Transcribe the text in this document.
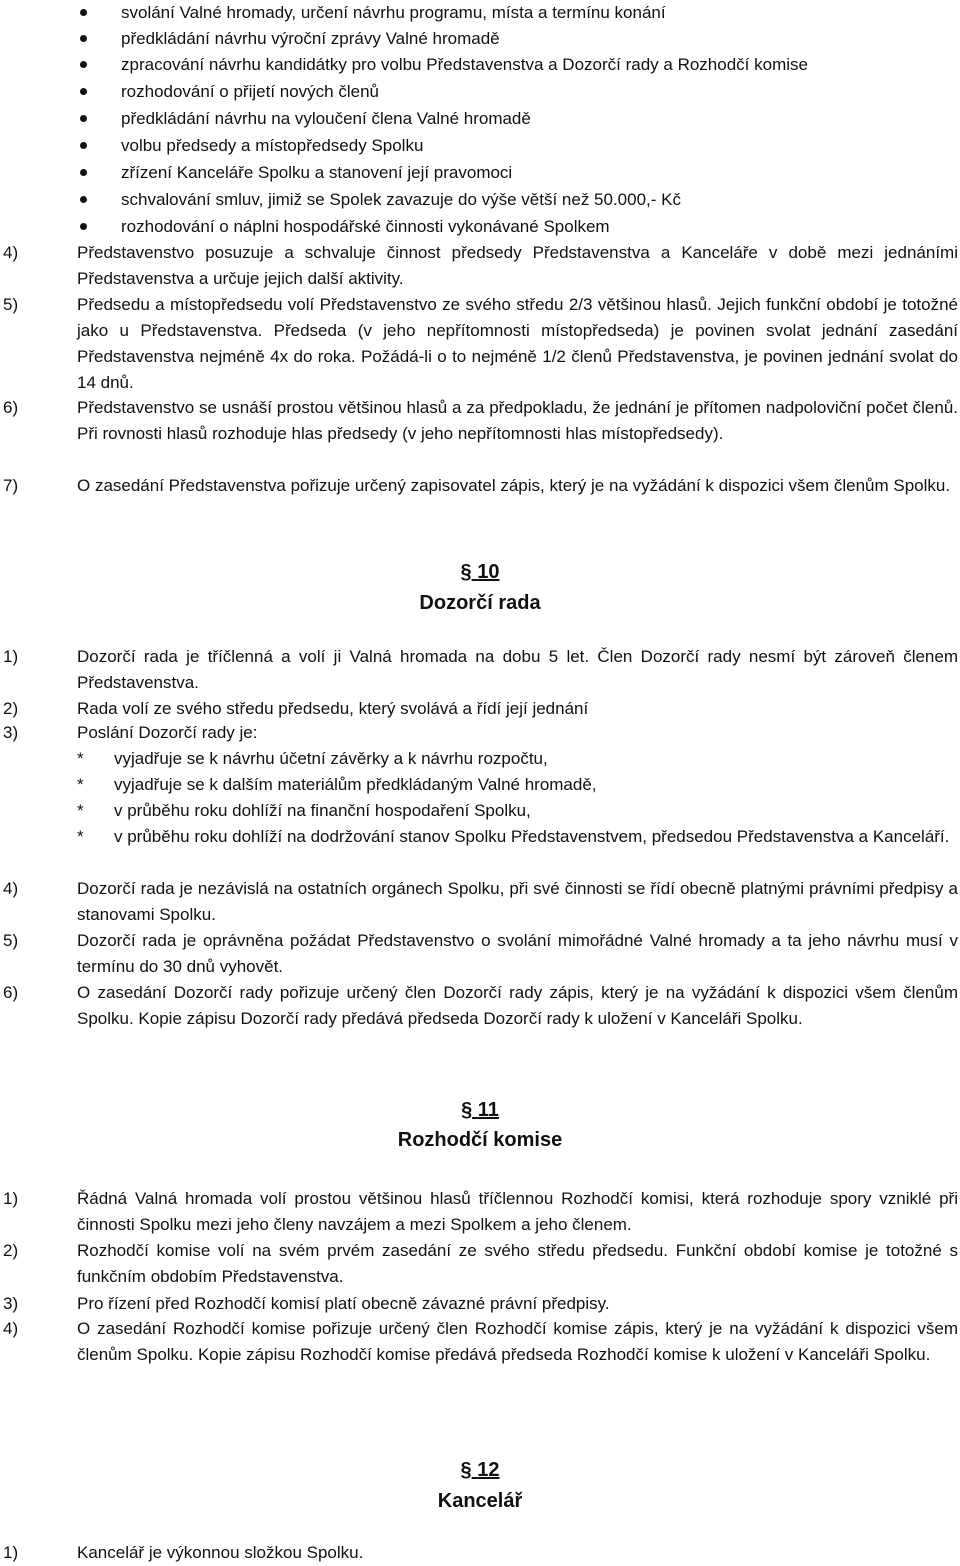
svolání Valné hromady, určení návrhu programu, místa a termínu konání
předkládání návrhu výroční zprávy Valné hromadě
zpracování návrhu kandidátky pro volbu Představenstva a Dozorčí rady a Rozhodčí komise
rozhodování o přijetí nových členů
předkládání návrhu na vyloučení člena Valné hromadě
volbu předsedy a místopředsedy Spolku
zřízení Kanceláře Spolku a stanovení její pravomoci
schvalování smluv, jimiž se Spolek zavazuje do výše větší než 50.000,- Kč
rozhodování o náplni hospodářské činnosti vykonávané Spolkem
4)	Představenstvo posuzuje a schvaluje činnost předsedy Představenstva a Kanceláře v době mezi jednáními Představenstva a určuje jejich další aktivity.
5)	Předsedu a místopředsedu volí Představenstvo ze svého středu 2/3 většinou hlasů. Jejich funkční období je totožné jako u Představenstva. Předseda (v jeho nepřítomnosti místopředseda) je povinen svolat jednání zasedání Představenstva nejméně 4x do roka. Požádá-li o to nejméně 1/2 členů Představenstva, je povinen jednání svolat do 14 dnů.
6)	Představenstvo se usnáší prostou většinou hlasů a za předpokladu, že jednání je přítomen nadpoloviční počet členů. Při rovnosti hlasů rozhoduje hlas předsedy (v jeho nepřítomnosti hlas místopředsedy).
7)	O zasedání Představenstva pořizuje určený zapisovatel zápis, který je na vyžádání k dispozici všem členům Spolku.
§ 10
Dozorčí rada
1)	Dozorčí rada je tříčlenná a volí ji Valná hromada na dobu 5 let. Člen Dozorčí rady nesmí být zároveň členem Představenstva.
2)	Rada volí ze svého středu předsedu, který svolává a řídí její jednání
3)	Poslání Dozorčí rady je:
* vyjadřuje se k návrhu účetní závěrky a k návrhu rozpočtu,
* vyjadřuje se k dalším materiálům předkládaným Valné hromadě,
* v průběhu roku dohlíží na finanční hospodaření Spolku,
* v průběhu roku dohlíží na dodržování stanov Spolku Představenstvem, předsedou Představenstva a Kanceláří.
4)	Dozorčí rada je nezávislá na ostatních orgánech Spolku, při své činnosti se řídí obecně platnými právními předpisy a stanovami Spolku.
5)	Dozorčí rada je oprávněna požádat Představenstvo o svolání mimořádné Valné hromady a ta jeho návrhu musí v termínu do 30 dnů vyhovět.
6)	O zasedání Dozorčí rady pořizuje určený člen Dozorčí rady zápis, který je na vyžádání k dispozici všem členům Spolku. Kopie zápisu Dozorčí rady předává předseda Dozorčí rady k uložení v Kanceláři Spolku.
§ 11
Rozhodčí komise
1)	Řádná Valná hromada volí prostou většinou hlasů tříčlennou Rozhodčí komisi, která rozhoduje spory vzniklé při činnosti Spolku mezi jeho členy navzájem a mezi Spolkem a jeho členem.
2)	Rozhodčí komise volí na svém prvém zasedání ze svého středu předsedu. Funkční období komise je totožné s funkčním obdobím Představenstva.
3)	Pro řízení před Rozhodčí komisí platí obecně závazné právní předpisy.
4)	O zasedání Rozhodčí komise pořizuje určený člen Rozhodčí komise zápis, který je na vyžádání k dispozici všem členům Spolku. Kopie zápisu Rozhodčí komise předává předseda Rozhodčí komise k uložení v Kanceláři Spolku.
§ 12
Kancelář
1)	Kancelář je výkonnou složkou Spolku.
